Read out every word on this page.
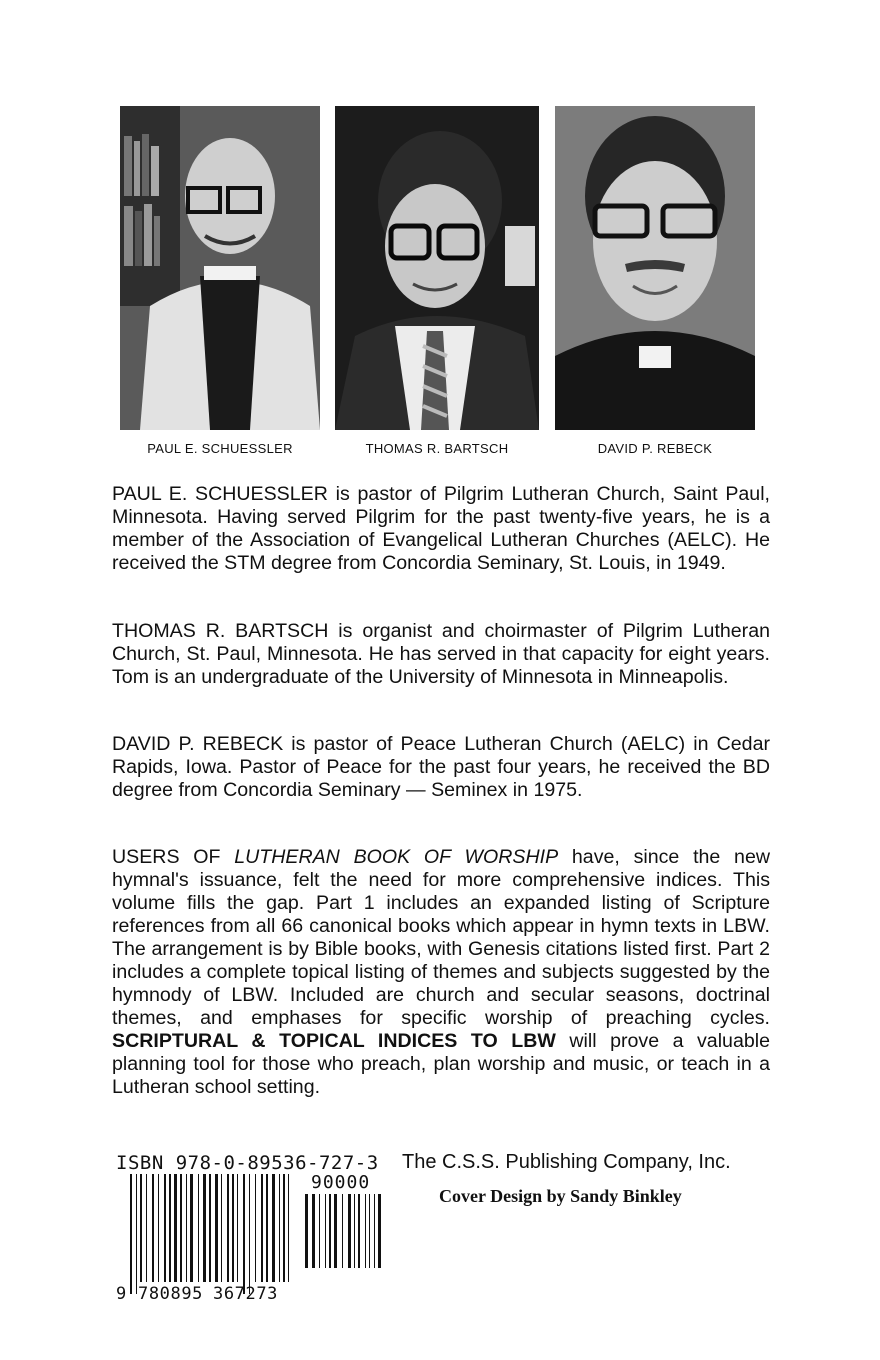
PAUL E. SCHUESSLER	THOMAS R. BARTSCH	DAVID P. REBECK

PAUL E. SCHUESSLER is pastor of Pilgrim Lutheran Church, Saint Paul, Minnesota. Having served Pilgrim for the past twenty-five years, he is a member of the Association of Evangelical Lutheran Churches (AELC). He received the STM degree from Concordia Seminary, St. Louis, in 1949.

THOMAS R. BARTSCH is organist and choirmaster of Pilgrim Lutheran Church, St. Paul, Minnesota. He has served in that capacity for eight years. Tom is an undergraduate of the University of Minnesota in Minneapolis.

DAVID P. REBECK is pastor of Peace Lutheran Church (AELC) in Cedar Rapids, Iowa. Pastor of Peace for the past four years, he received the BD degree from Concordia Seminary — Seminex in 1975.

USERS OF LUTHERAN BOOK OF WORSHIP have, since the new hymnal's issuance, felt the need for more comprehensive indices. This volume fills the gap. Part 1 includes an expanded listing of Scripture references from all 66 canonical books which appear in hymn texts in LBW. The arrangement is by Bible books, with Genesis citations listed first. Part 2 includes a complete topical listing of themes and subjects suggested by the hymnody of LBW. Included are church and secular seasons, doctrinal themes, and emphases for specific worship of preaching cycles. SCRIPTURAL & TOPICAL INDICES TO LBW will prove a valuable planning tool for those who preach, plan worship and music, or teach in a Lutheran school setting.

ISBN 978-0-89536-727-3 The C.S.S. Publishing Company, Inc.
Cover Design by Sandy Binkley
90000
9 780895 367273
